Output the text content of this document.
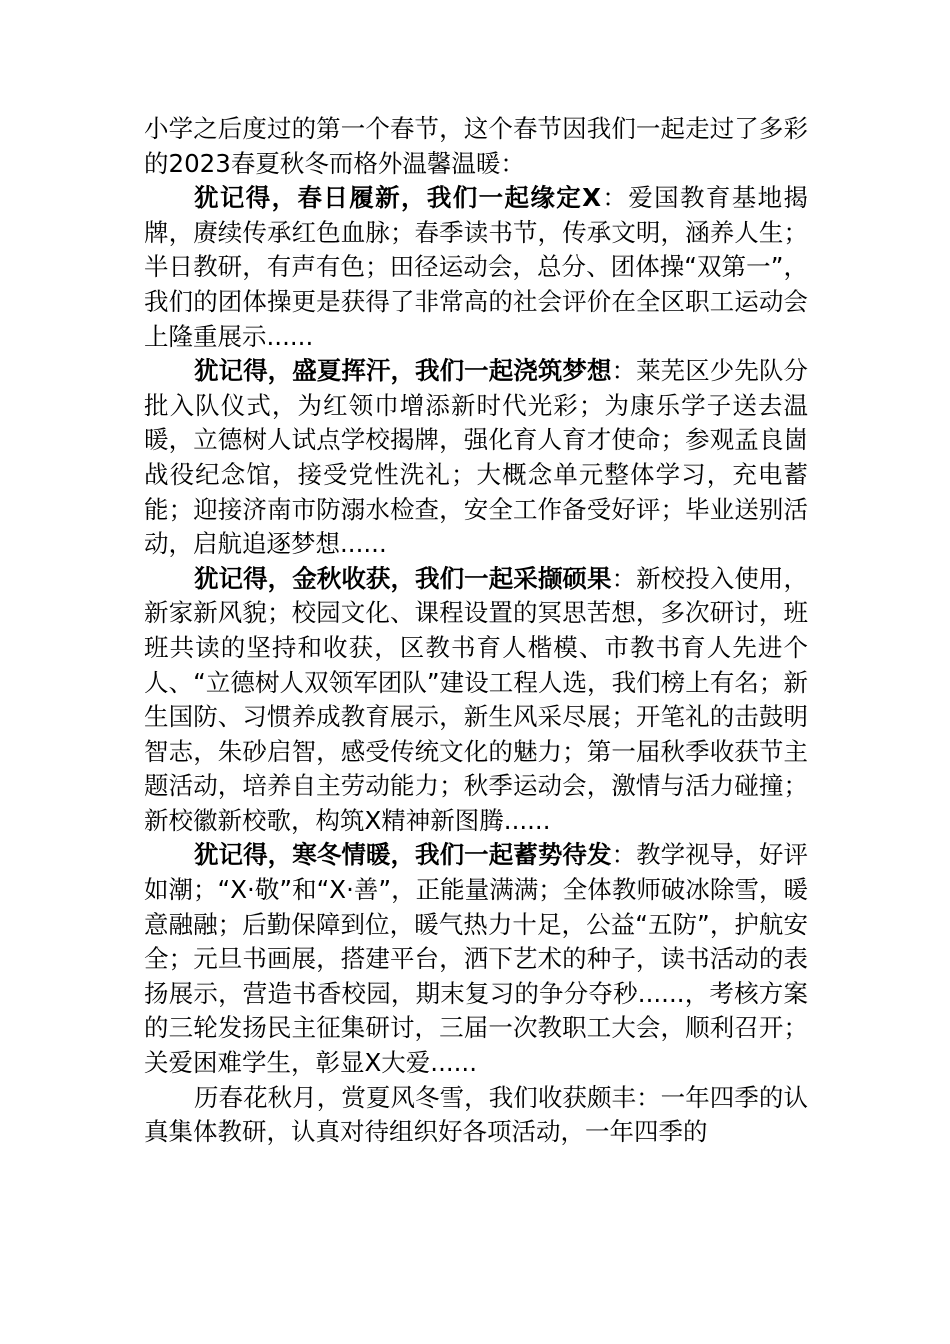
小学之后度过的第一个春节，这个春节因我们一起走过了多彩的2023春夏秋冬而格外温馨温暖：

犹记得，春日履新，我们一起缘定X：爱国教育基地揭牌，赓续传承红色血脉；春季读书节，传承文明，涵养人生；半日教研，有声有色；田径运动会，总分、团体操“双第一”，我们的团体操更是获得了非常高的社会评价在全区职工运动会上隆重展示......

犹记得，盛夏挥汗，我们一起浇筑梦想：莱芜区少先队分批入队仪式，为红领巾增添新时代光彩；为康乐学子送去温暖，立德树人试点学校揭牌，强化育人育才使命；参观孟良崮战役纪念馆，接受党性洗礼；大概念单元整体学习，充电蓄能；迎接济南市防溺水检查，安全工作备受好评；毕业送别活动，启航追逐梦想......

犹记得，金秋收获，我们一起采撷硕果：新校投入使用，新家新风貌；校园文化、课程设置的冥思苦想，多次研讨，班班共读的坚持和收获，区教书育人楷模、市教书育人先进个人、“立德树人双领军团队”建设工程人选，我们榜上有名；新生国防、习惯养成教育展示，新生风采尽展；开笔礼的击鼓明智志，朱砂启智，感受传统文化的魅力；第一届秋季收获节主题活动，培养自主劳动能力；秋季运动会，激情与活力碰撞；新校徽新校歌，构筑X精神新图腾......

犹记得，寒冬情暖，我们一起蓄势待发：教学视导，好评如潮；“X·敬”和“X·善”，正能量满满；全体教师破冰除雪，暖意融融；后勤保障到位，暖气热力十足，公益“五防”，护航安全；元旦书画展，搭建平台，洒下艺术的种子，读书活动的表扬展示，营造书香校园，期末复习的争分夺秒......，考核方案的三轮发扬民主征集研讨，三届一次教职工大会，顺利召开；关爱困难学生，彰显X大爱......

历春花秋月，赏夏风冬雪，我们收获颇丰：一年四季的认真集体教研，认真对待组织好各项活动，一年四季的
